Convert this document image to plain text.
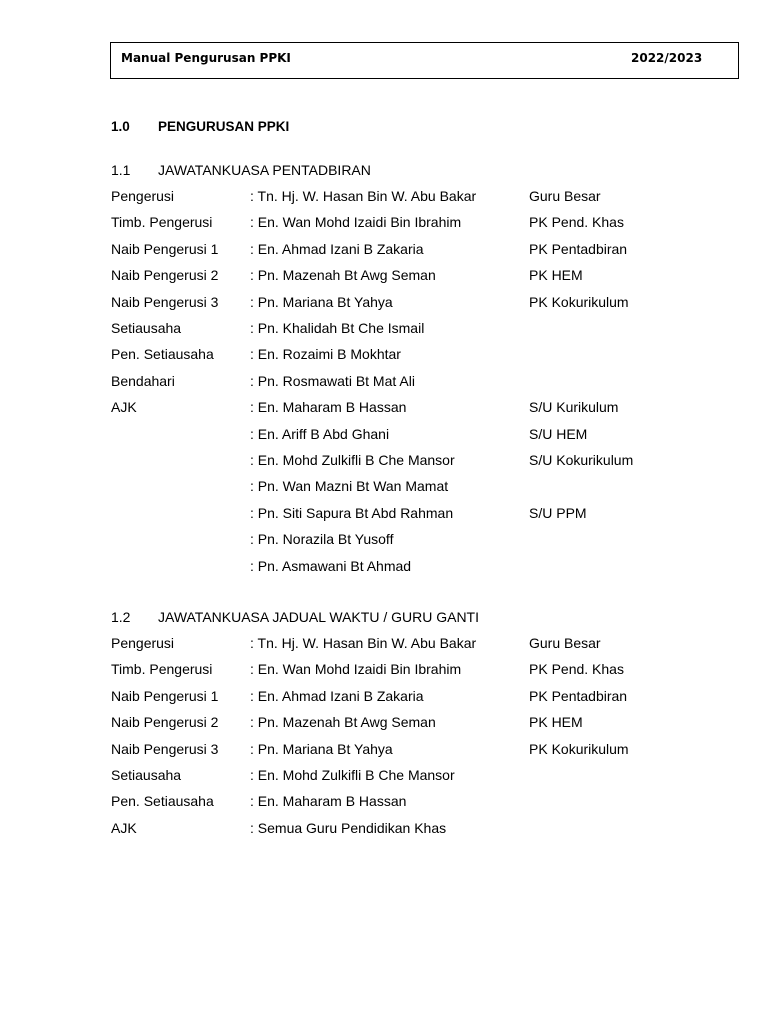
Manual Pengurusan PPKI	2022/2023
1.0 PENGURUSAN PPKI
1.1 JAWATANKUASA PENTADBIRAN
Pengerusi	: Tn. Hj. W. Hasan Bin W. Abu Bakar	Guru Besar
Timb. Pengerusi	: En. Wan Mohd Izaidi Bin Ibrahim	PK Pend. Khas
Naib Pengerusi 1 : En. Ahmad Izani B Zakaria	PK Pentadbiran
Naib Pengerusi 2 : Pn. Mazenah Bt Awg Seman	PK HEM
Naib Pengerusi 3 : Pn. Mariana Bt Yahya	PK Kokurikulum
Setiausaha	: Pn. Khalidah Bt Che Ismail
Pen. Setiausaha	: En. Rozaimi B Mokhtar
Bendahari	: Pn. Rosmawati Bt Mat Ali
AJK	: En. Maharam B Hassan	S/U Kurikulum
: En. Ariff B Abd Ghani	S/U HEM
: En. Mohd Zulkifli B Che Mansor	S/U Kokurikulum
: Pn. Wan Mazni Bt Wan Mamat
: Pn. Siti Sapura Bt Abd Rahman	S/U PPM
: Pn. Norazila Bt Yusoff
: Pn. Asmawani Bt Ahmad
1.2 JAWATANKUASA JADUAL WAKTU / GURU GANTI
Pengerusi	: Tn. Hj. W. Hasan Bin W. Abu Bakar	Guru Besar
Timb. Pengerusi	: En. Wan Mohd Izaidi Bin Ibrahim	PK Pend. Khas
Naib Pengerusi 1 : En. Ahmad Izani B Zakaria	PK Pentadbiran
Naib Pengerusi 2 : Pn. Mazenah Bt Awg Seman	PK HEM
Naib Pengerusi 3 : Pn. Mariana Bt Yahya	PK Kokurikulum
Setiausaha	: En. Mohd Zulkifli B Che Mansor
Pen. Setiausaha	: En. Maharam B Hassan
AJK	: Semua Guru Pendidikan Khas
